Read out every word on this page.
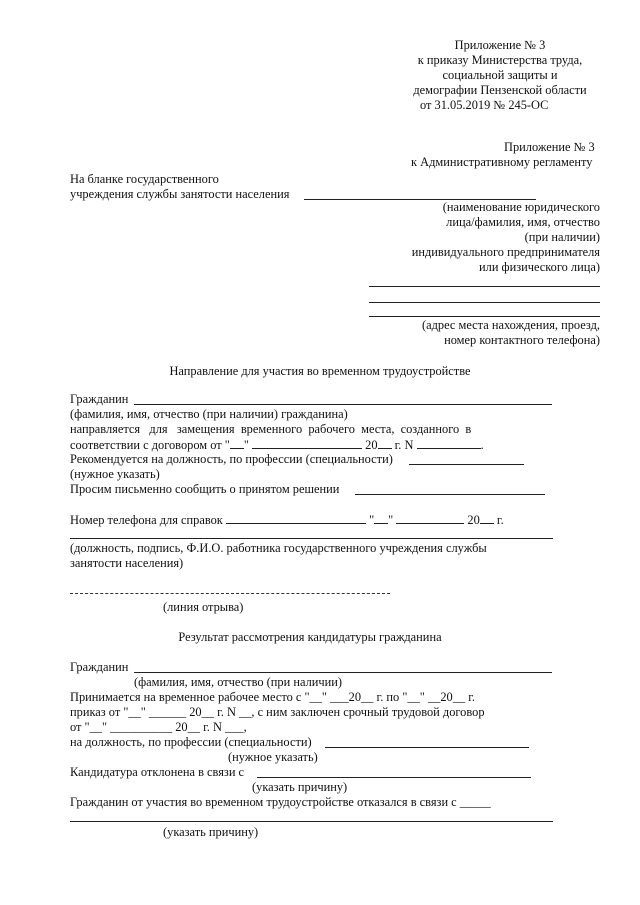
Приложение № 3
к приказу Министерства труда,
социальной защиты и
демографии Пензенской области
от 31.05.2019 № 245-ОС
Приложение № 3
к Административному регламенту
На бланке государственного
учреждения службы занятости населения
(наименование юридического
лица/фамилия, имя, отчество
(при наличии)
индивидуального предпринимателя
или физического лица)
(адрес места нахождения, проезд,
номер контактного телефона)
Направление для участия во временном трудоустройстве
Гражданин
(фамилия, имя, отчество (при наличии) гражданина)
направляется   для   замещения  временного  рабочего  места,  созданного  в
соответствии с договором от " "	20 г. N	.
Рекомендуется на должность, по профессии (специальности)
(нужное указать)
Просим письменно сообщить о принятом решении
Номер телефона для справок	" "	20 г.
(должность, подпись, Ф.И.О. работника государственного учреждения службы
занятости населения)
(линия отрыва)
Результат рассмотрения кандидатуры гражданина
Гражданин
(фамилия, имя, отчество (при наличии)
Принимается на временное рабочее место с "__" ___20__ г. по "__" __20__ г.
приказ от "__" ______ 20__ г. N __, с ним заключен срочный трудовой договор
от "__" __________ 20__ г. N ___,
на должность, по профессии (специальности)
(нужное указать)
Кандидатура отклонена в связи с
(указать причину)
Гражданин от участия во временном трудоустройстве отказался в связи с _____
(указать причину)
